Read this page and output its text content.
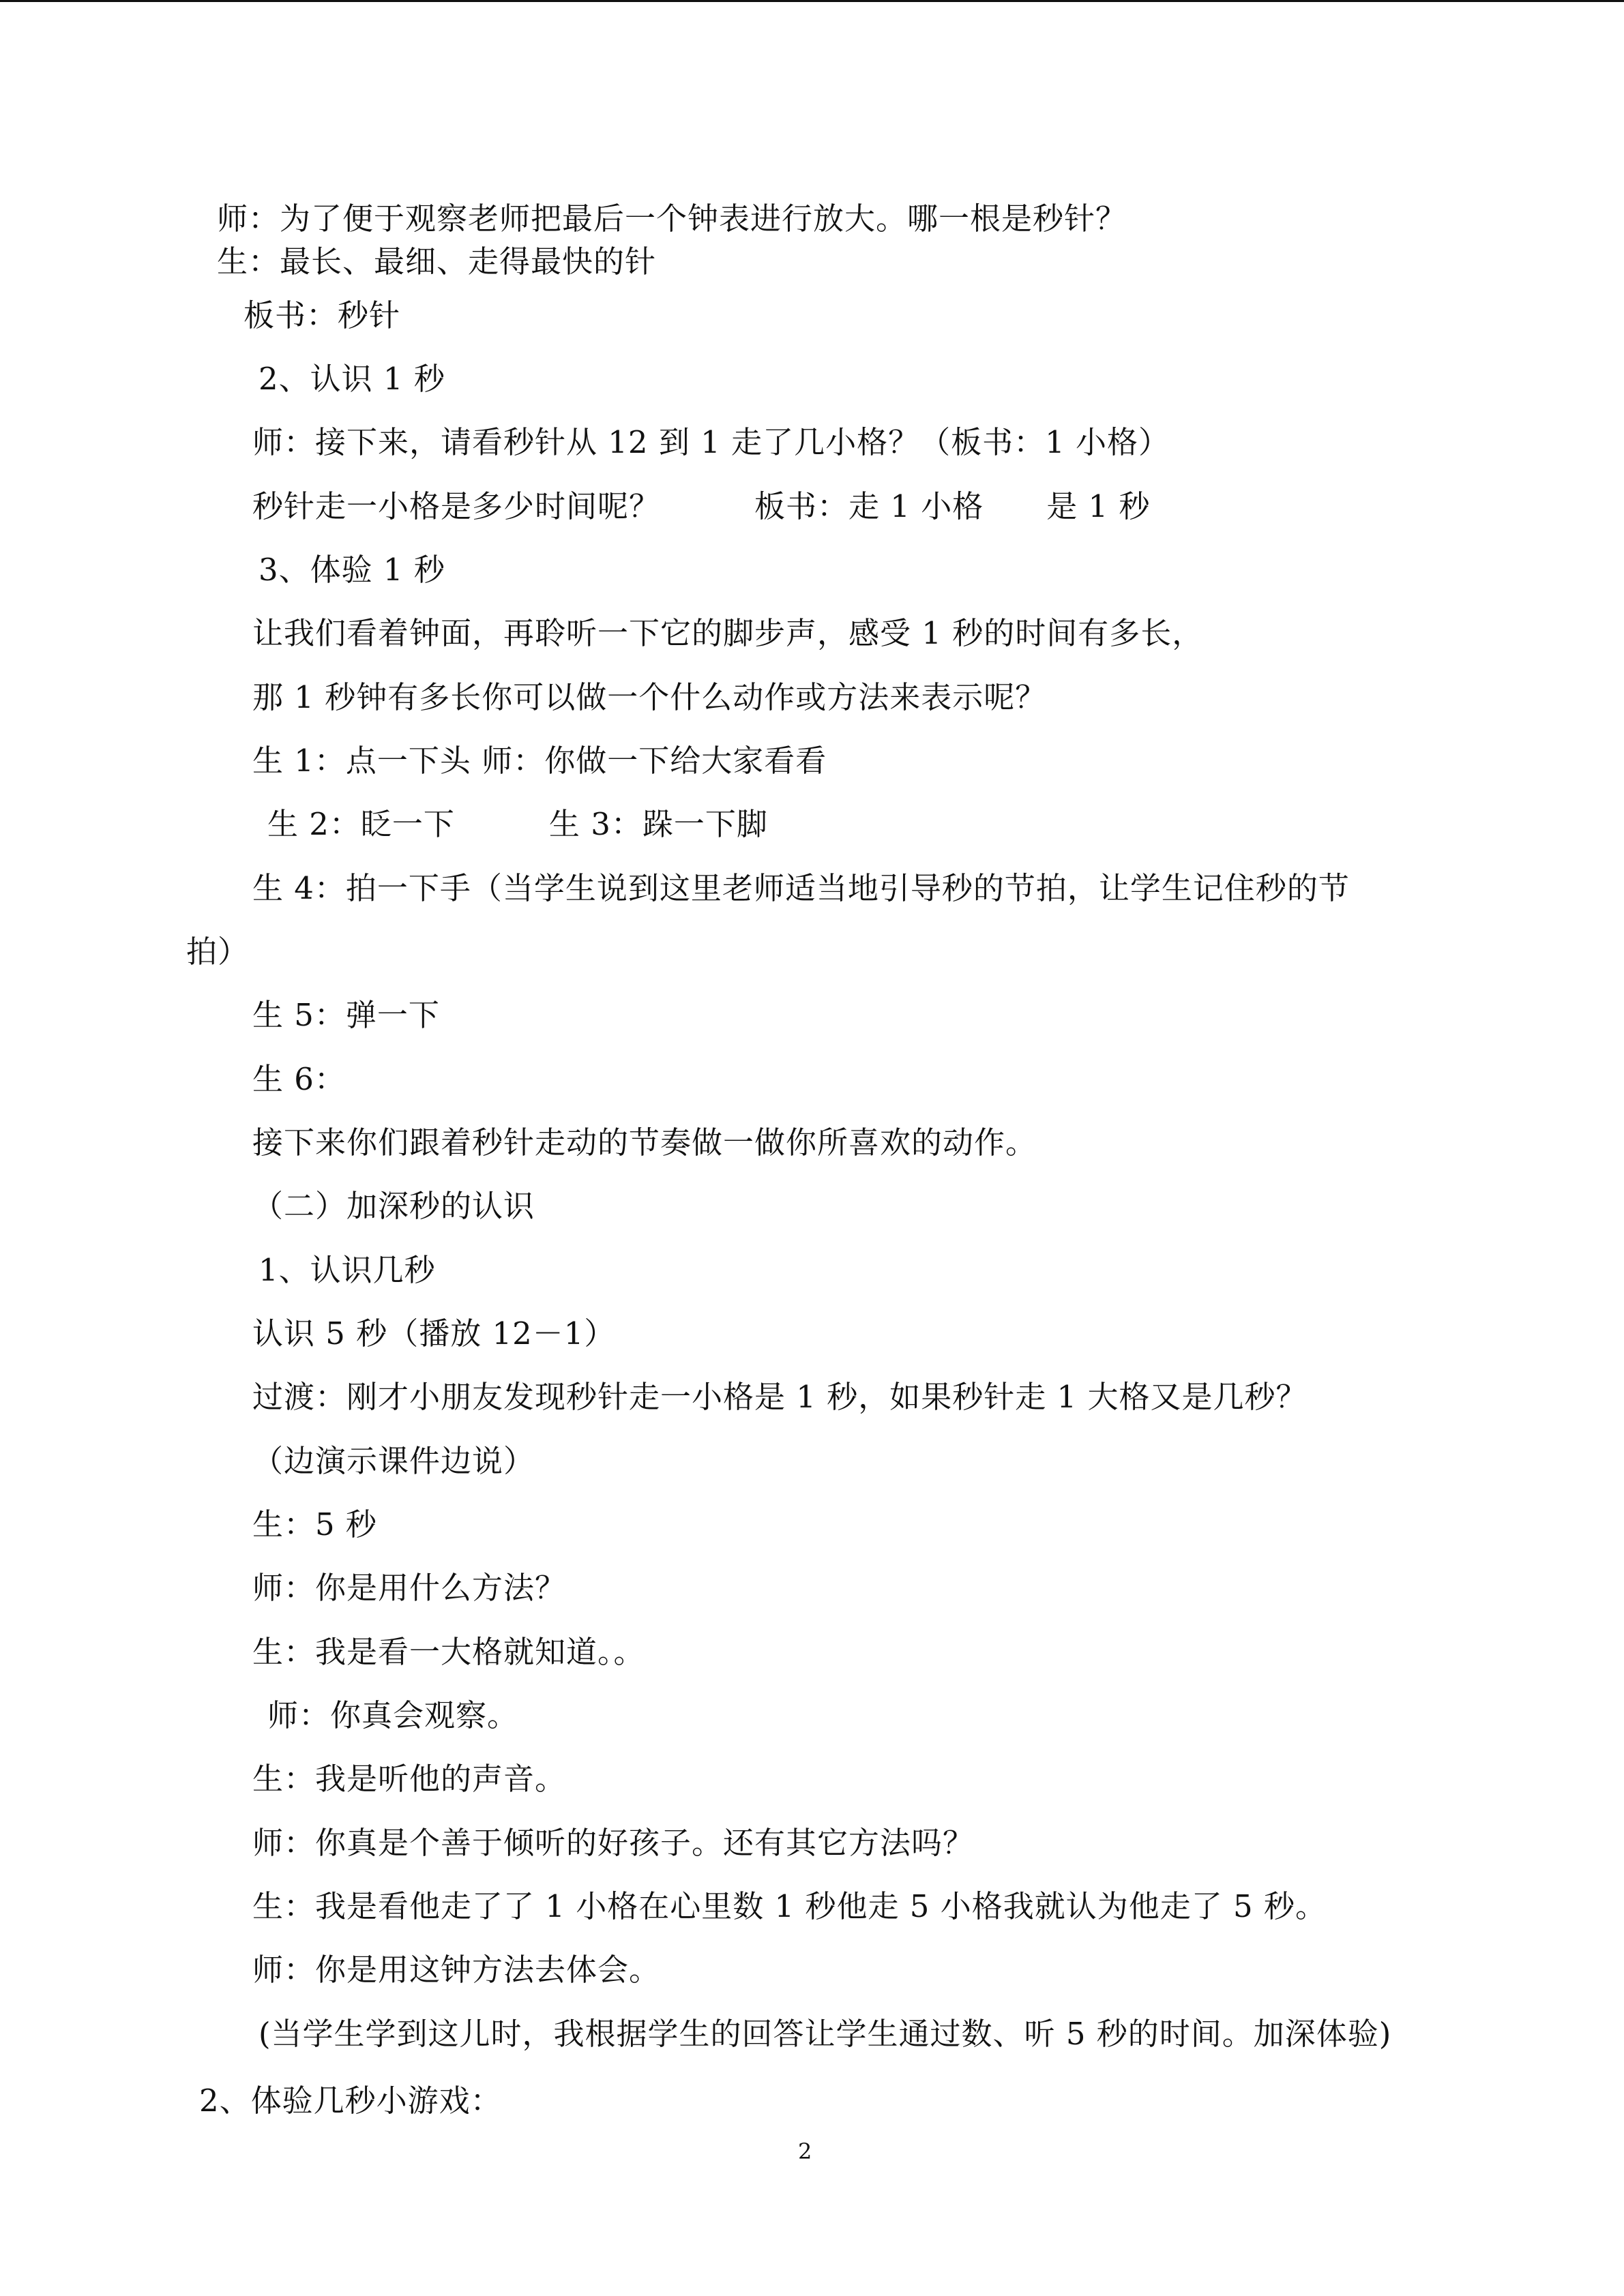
师：为了便于观察老师把最后一个钟表进行放大。哪一根是秒针？
生：最长、最细、走得最快的针
板书：秒针
2、认识 1 秒
师：接下来，请看秒针从 12 到 1 走了几小格？（板书：1 小格）
秒针走一小格是多少时间呢？　　　板书：走 1 小格　　是 1 秒
3、体验 1 秒
让我们看着钟面，再聆听一下它的脚步声，感受 1 秒的时间有多长，
那 1 秒钟有多长你可以做一个什么动作或方法来表示呢？
生 1：点一下头 师：你做一下给大家看看
生 2：眨一下　　　生 3：跺一下脚
生 4：拍一下手（当学生说到这里老师适当地引导秒的节拍，让学生记住秒的节
拍）
生 5：弹一下
生 6：
接下来你们跟着秒针走动的节奏做一做你所喜欢的动作。
（二）加深秒的认识
1、认识几秒
认识 5 秒（播放 12－1）
过渡：刚才小朋友发现秒针走一小格是 1 秒，如果秒针走 1 大格又是几秒？
（边演示课件边说）
生：5 秒
师：你是用什么方法？
生：我是看一大格就知道。。
师：你真会观察。
生：我是听他的声音。
师：你真是个善于倾听的好孩子。还有其它方法吗？
生：我是看他走了了 1 小格在心里数 1 秒他走 5 小格我就认为他走了 5 秒。
师：你是用这钟方法去体会。
(当学生学到这儿时，我根据学生的回答让学生通过数、听 5 秒的时间。加深体验)
2、体验几秒小游戏：
2
